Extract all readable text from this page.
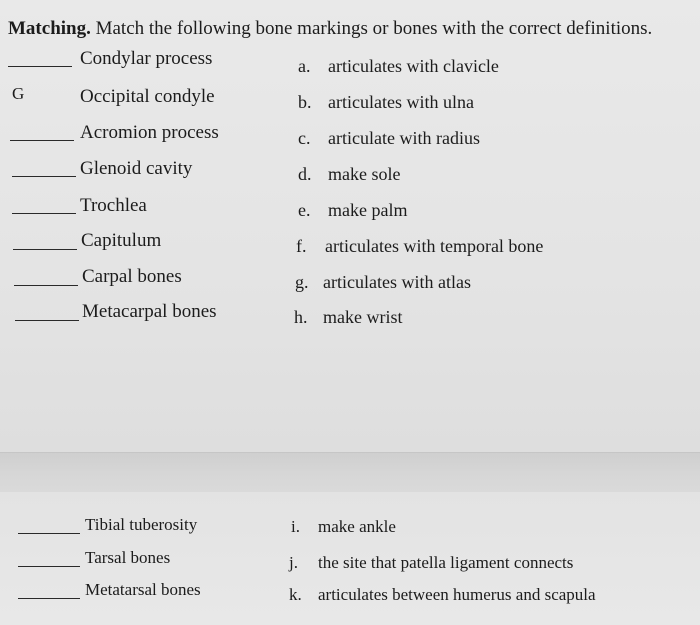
Matching. Match the following bone markings or bones with the correct definitions.
Condylar process	a. articulates with clavicle
G	Occipital condyle	b. articulates with ulna
Acromion process	c. articulate with radius
Glenoid cavity	d. make sole
Trochlea	e. make palm
Capitulum	f. articulates with temporal bone
Carpal bones	g. articulates with atlas
Metacarpal bones	h. make wrist
Tibial tuberosity	i. make ankle
Tarsal bones	j. the site that patella ligament connects
Metatarsal bones	k. articulates between humerus and scapula
